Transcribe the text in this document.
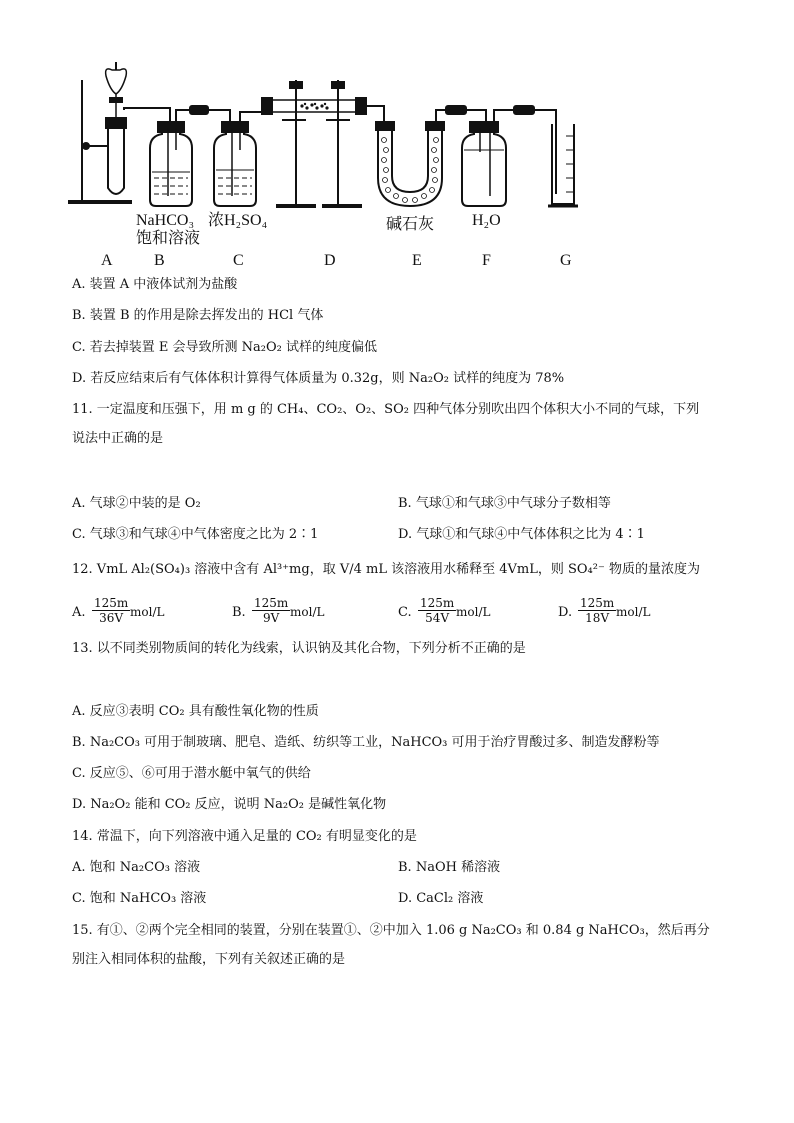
NaHCO₃
饱和溶液
浓H₂SO₄	碱石灰 H₂O
A	B	C	D	E	F	G
A. 装置 A 中液体试剂为盐酸
B. 装置 B 的作用是除去挥发出的 HCl 气体
C. 若去掉装置 E 会导致所测 Na₂O₂ 试样的纯度偏低
D. 若反应结束后有气体体积计算得气体质量为 0.32g，则 Na₂O₂ 试样的纯度为 78%
11. 一定温度和压强下，用 m g 的 CH₄、CO₂、O₂、SO₂ 四种气体分别吹出四个体积大小不同的气球，下列
说法中正确的是
A. 气球②中装的是 O₂	B. 气球①和气球③中气球分子数相等
C. 气球③和气球④中气体密度之比为 2∶1	D. 气球①和气球④中气体体积之比为 4∶1
12. VmL Al₂(SO₄)₃ 溶液中含有 Al³⁺mg，取 V/4 mL 该溶液用水稀释至 4VmL，则 SO₄²⁻ 物质的量浓度为
A. $\frac{125m}{36V} mol/L$	B. $\frac{125m}{9V} mol/L$	C. $\frac{125m}{54V} mol/L$	D. $\frac{125m}{18V} mol/L$
13. 以不同类别物质间的转化为线索，认识钠及其化合物，下列分析不正确的是
A. 反应③表明 CO₂ 具有酸性氧化物的性质
B. Na₂CO₃ 可用于制玻璃、肥皂、造纸、纺织等工业，NaHCO₃ 可用于治疗胃酸过多、制造发酵粉等
C. 反应⑤、⑥可用于潜水艇中氧气的供给
D. Na₂O₂ 能和 CO₂ 反应，说明 Na₂O₂ 是碱性氧化物
14. 常温下，向下列溶液中通入足量的 CO₂ 有明显变化的是
A. 饱和 Na₂CO₃ 溶液	B. NaOH 稀溶液
C. 饱和 NaHCO₃ 溶液	D. CaCl₂ 溶液
15. 有①、②两个完全相同的装置，分别在装置①、②中加入 1.06 g Na₂CO₃ 和 0.84 g NaHCO₃，然后再分
别注入相同体积的盐酸，下列有关叙述正确的是
